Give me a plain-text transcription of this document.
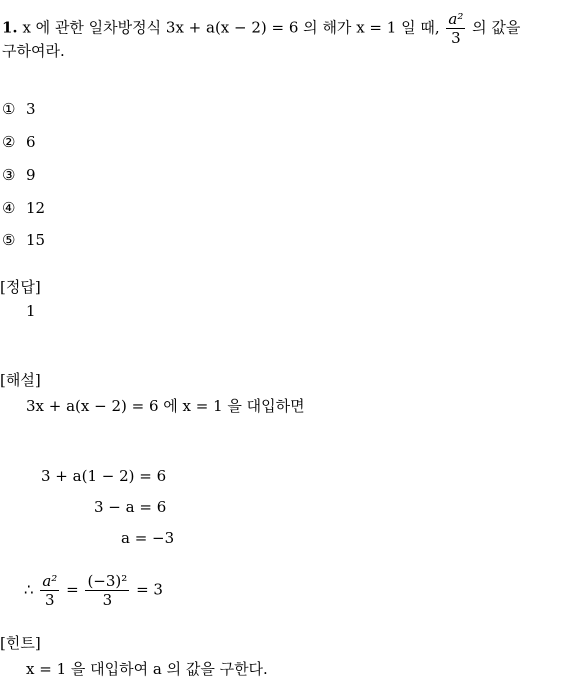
1. x 에 관한 일차방정식 3x + a(x − 2) = 6 의 해가 x = 1 일 때, $\frac{\text{a²}}{3}$ 의 값을
구하여라.
① 3
② 6
③ 9
④ 12
⑤ 15
[정답]
1
[해설]
3x + a(x − 2) = 6 에 x = 1 을 대입하면
3 + a(1 − 2) = 6
3 − a = 6
a = −3
∴ $\frac{\text{a²}}{3} = \frac{\text{(−3)²}}{3} = 3$
[힌트]
x = 1 을 대입하여 a 의 값을 구한다.
